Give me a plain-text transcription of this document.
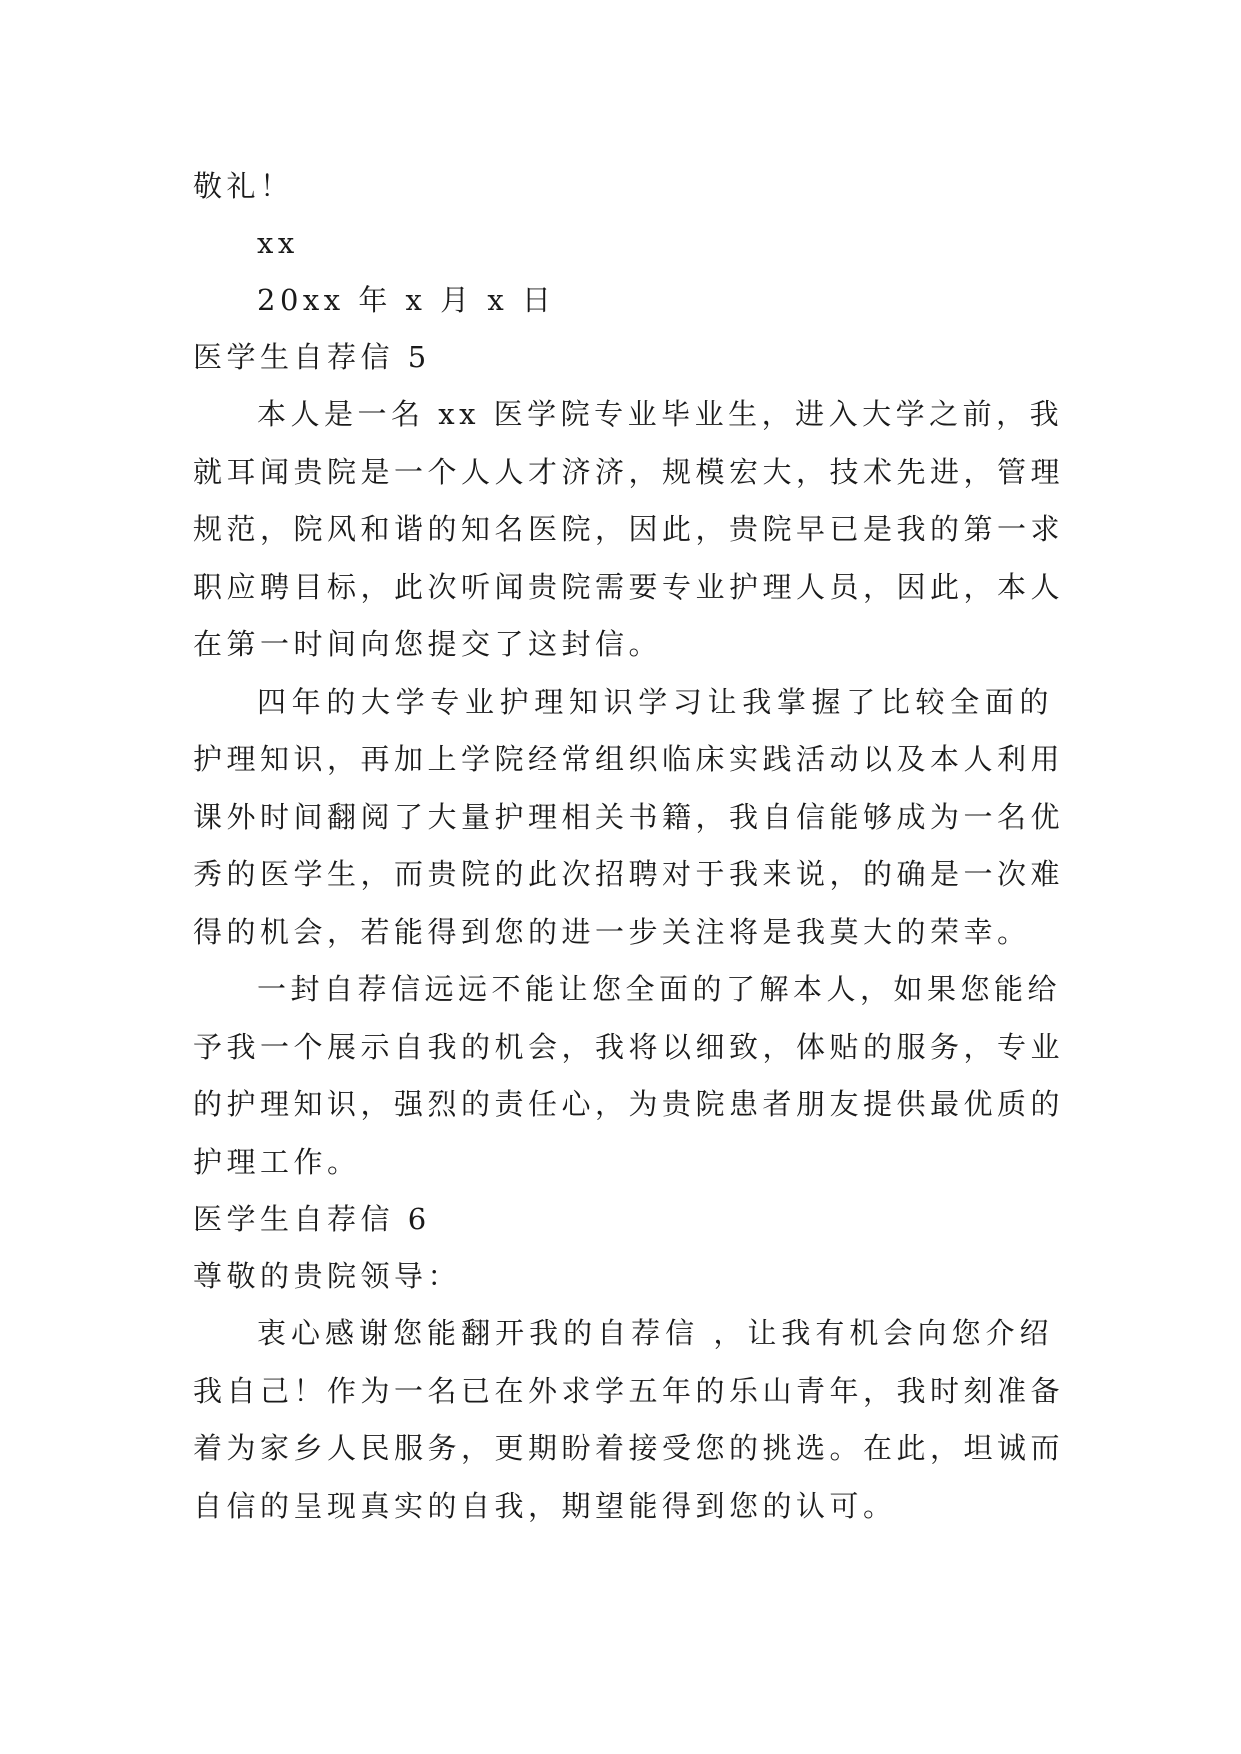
敬礼！

xx

20xx 年 x 月 x 日

医学生自荐信 5

本人是一名 xx 医学院专业毕业生，进入大学之前，我
就耳闻贵院是一个人人才济济，规模宏大，技术先进，管理
规范，院风和谐的知名医院，因此，贵院早已是我的第一求
职应聘目标，此次听闻贵院需要专业护理人员，因此，本人
在第一时间向您提交了这封信。
四年的大学专业护理知识学习让我掌握了比较全面的
护理知识，再加上学院经常组织临床实践活动以及本人利用
课外时间翻阅了大量护理相关书籍，我自信能够成为一名优
秀的医学生，而贵院的此次招聘对于我来说，的确是一次难
得的机会，若能得到您的进一步关注将是我莫大的荣幸。
一封自荐信远远不能让您全面的了解本人，如果您能给
予我一个展示自我的机会，我将以细致，体贴的服务，专业
的护理知识，强烈的责任心，为贵院患者朋友提供最优质的
护理工作。

医学生自荐信 6

尊敬的贵院领导：

衷心感谢您能翻开我的自荐信 ，让我有机会向您介绍
我自己！作为一名已在外求学五年的乐山青年，我时刻准备
着为家乡人民服务，更期盼着接受您的挑选。在此，坦诚而
自信的呈现真实的自我，期望能得到您的认可。
